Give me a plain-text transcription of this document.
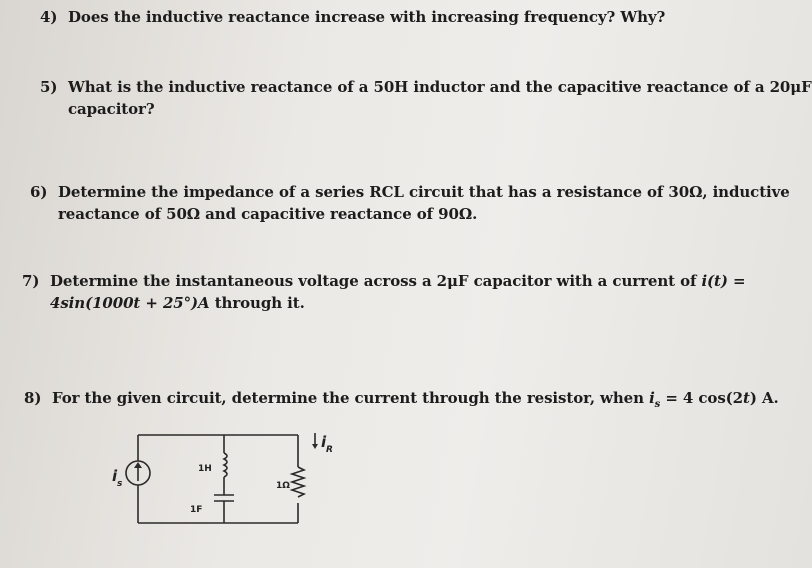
4) Does the inductive reactance increase with increasing frequency? Why?
5) What is the inductive reactance of a 50H inductor and the capacitive reactance of a 20μF
capacitor?
6) Determine the impedance of a series RCL circuit that has a resistance of 30Ω, inductive
reactance of 50Ω and capacitive reactance of 90Ω.
7) Determine the instantaneous voltage across a 2μF capacitor with a current of i(t) =
4sin(1000t + 25°)A through it.
8) For the given circuit, determine the current through the resistor, when $i_s = 4$ cos(2t) A.
i s
1H
1F
1Ω
i R
